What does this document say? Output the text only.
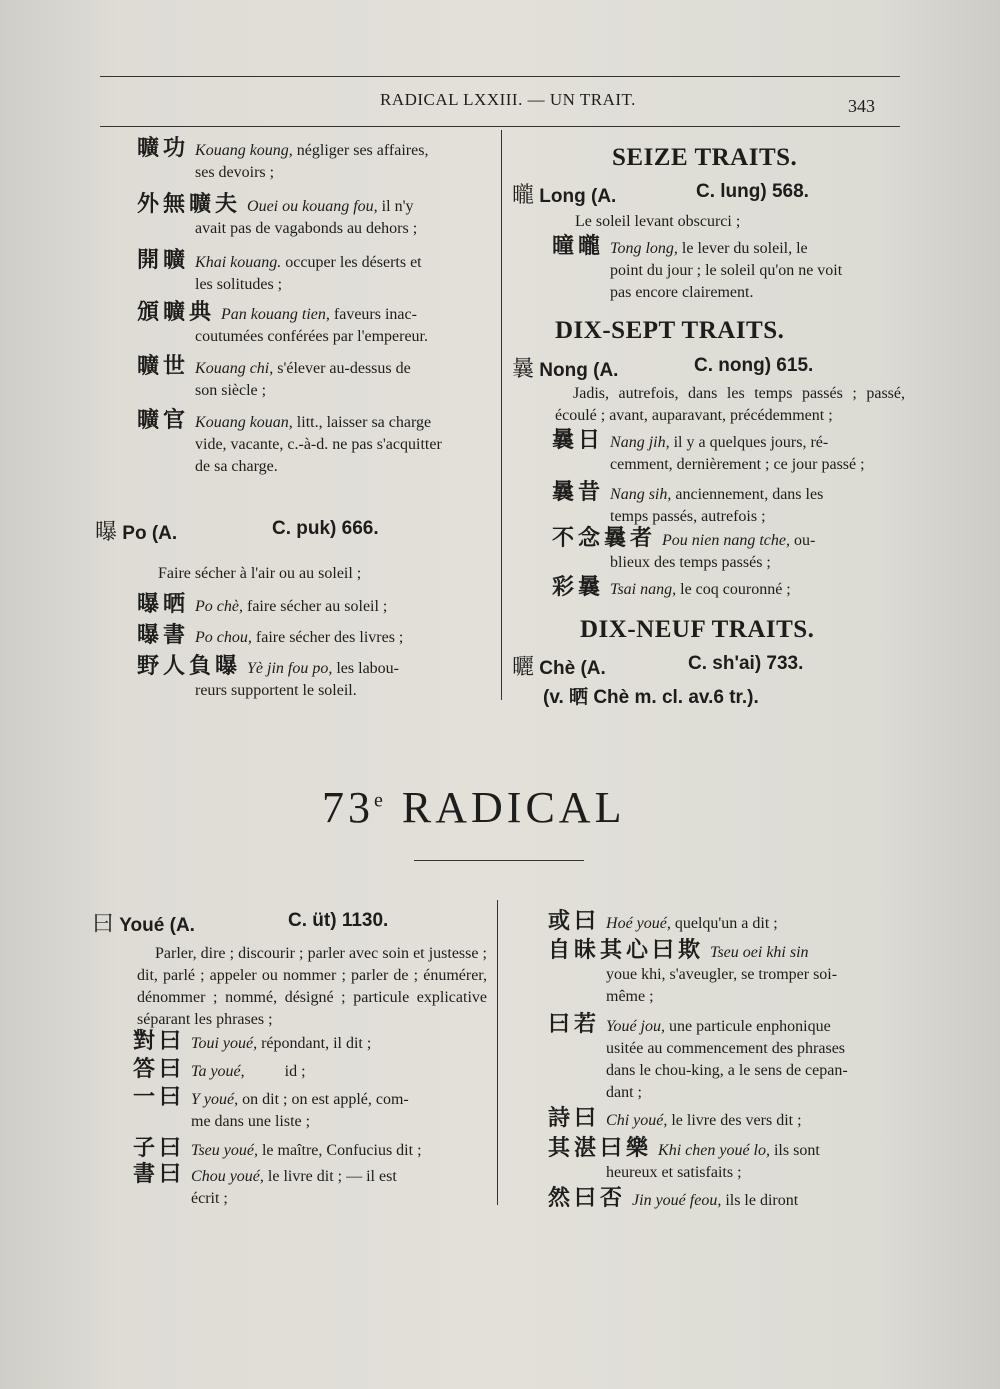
RADICAL LXXIII. — UN TRAIT.	343
曠功 Kouang koung, négliger ses affaires,
ses devoirs ;
外無曠夫 Ouei ou kouang fou, il n'y
avait pas de vagabonds au dehors ;
開曠 Khai kouang. occuper les déserts et
les solitudes ;
頒曠典 Pan kouang tien, faveurs inac-
coutumées conférées par l'empereur.
曠世 Kouang chi, s'élever au-dessus de
son siècle ;
曠官 Kouang kouan, litt., laisser sa charge
vide, vacante, c.-à-d. ne pas s'acquitter
de sa charge.
曝 Po (A.	C. puk) 666.
Faire sécher à l'air ou au soleil ;
曝晒 Po chè, faire sécher au soleil ;
曝書 Po chou, faire sécher des livres ;
野人負曝 Yè jin fou po, les labou-
reurs supportent le soleil.
SEIZE TRAITS.
曨 Long (A.	C. lung) 568.
Le soleil levant obscurci ;
曈曨 Tong long, le lever du soleil, le
point du jour ; le soleil qu'on ne voit
pas encore clairement.
DIX-SEPT TRAITS.
曩 Nong (A.	C. nong) 615.
Jadis, autrefois, dans les temps passés ; passé, écoulé ; avant, auparavant, précédemment ;
曩日 Nang jih, il y a quelques jours, ré-
cemment, dernièrement ; ce jour passé ;
曩昔 Nang sih, anciennement, dans les
temps passés, autrefois ;
不念曩者 Pou nien nang tche, ou-
blieux des temps passés ;
彩曩 Tsai nang, le coq couronné ;
DIX-NEUF TRAITS.
曬 Chè (A.	C. sh'ai) 733.
(v. 晒 Chè m. cl. av.6 tr.).
73e RADICAL
曰 Youé (A.	C. üt) 1130.
Parler, dire ; discourir ; parler avec soin et justesse ; dit, parlé ; appeler ou nommer ; parler de ; énumérer, dénommer ; nommé, désigné ; particule explicative séparant les phrases ;
對曰 Toui youé, répondant, il dit ;
答曰 Ta youé,          id ;
一曰 Y youé, on dit ; on est applé, com-
me dans une liste ;
子曰 Tseu youé, le maître, Confucius dit ;
書曰 Chou youé, le livre dit ; — il est
écrit ;
或曰 Hoé youé, quelqu'un a dit ;
自昧其心曰欺 Tseu oei khi sin
youe khi, s'aveugler, se tromper soi-
même ;
曰若 Youé jou, une particule enphonique
usitée au commencement des phrases
dans le chou-king, a le sens de cepan-
dant ;
詩曰 Chi youé, le livre des vers dit ;
其湛曰樂 Khi chen youé lo, ils sont
heureux et satisfaits ;
然曰否 Jin youé feou, ils le diront
